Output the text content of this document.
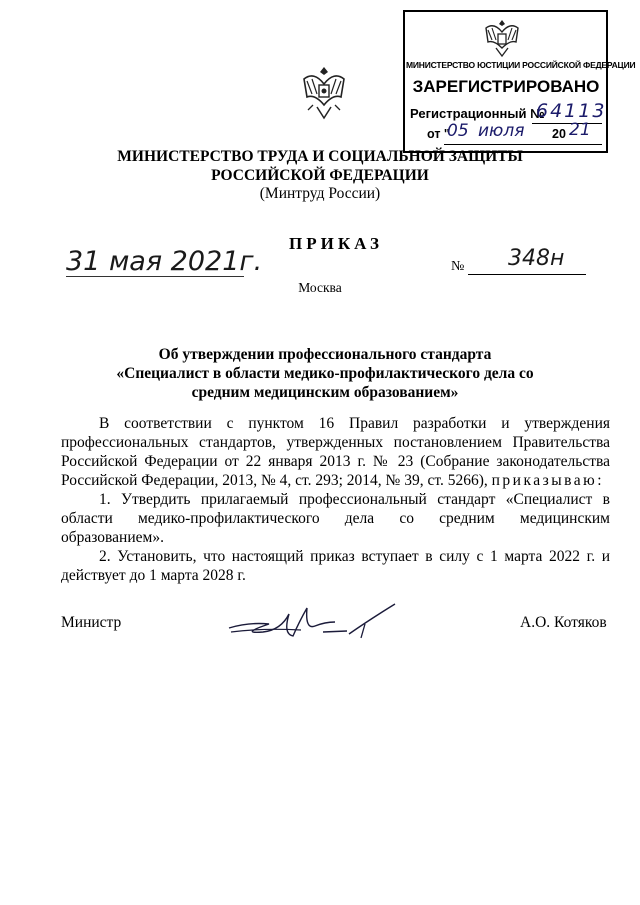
МИНИСТЕРСТВО ЮСТИЦИИ РОССИЙСКОЙ ФЕДЕРАЦИИ
ЗАРЕГИСТРИРОВАНО
Регистрационный №
64113
от "
05 июля 20 21
МИНИСТЕРСТВО ТРУДА И СОЦИАЛЬНОЙ ЗАЩИТЫ
РОССИЙСКОЙ ФЕДЕРАЦИИ
(Минтруд России)
ПРИКАЗ
31 мая 2021г.	№ 348н
Москва
Об утверждении профессионального стандарта
«Специалист в области медико-профилактического дела со средним медицинским образованием»

В соответствии с пунктом 16 Правил разработки и утверждения профессиональных стандартов, утвержденных постановлением Правительства Российской Федерации от 22 января 2013 г. № 23 (Собрание законодательства Российской Федерации, 2013, № 4, ст. 293; 2014, № 39, ст. 5266), приказываю:

1. Утвердить прилагаемый профессиональный стандарт «Специалист в области медико-профилактического дела со средним медицинским образованием».

2. Установить, что настоящий приказ вступает в силу с 1 марта 2022 г. и действует до 1 марта 2028 г.

Министр	А.О. Котяков
